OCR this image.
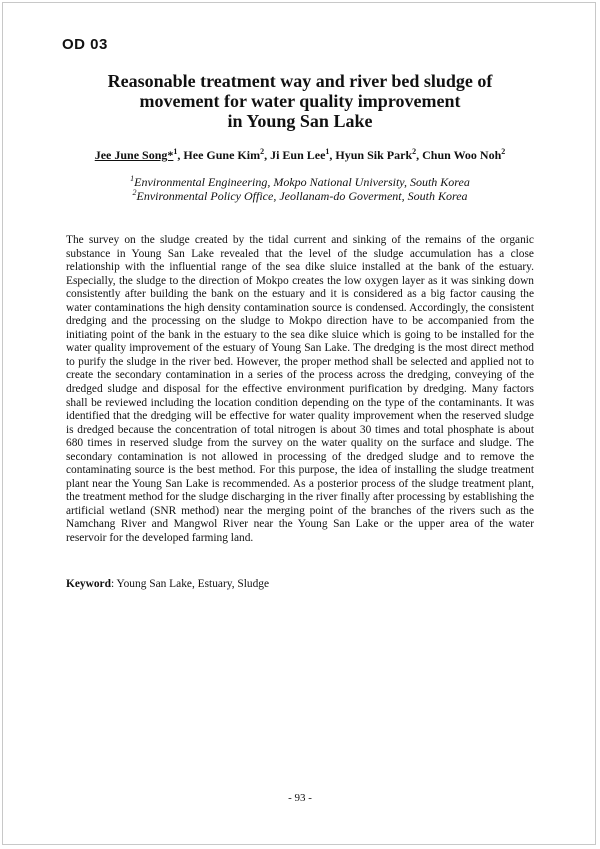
OD 03
Reasonable treatment way and river bed sludge of
movement for water quality improvement
in Young San Lake
Jee June Song*$^1$, Hee Gune Kim$^2$, Ji Eun Lee$^1$, Hyun Sik Park$^2$, Chun Woo Noh$^2$
$^1$Environmental Engineering, Mokpo National University, South Korea
$^2$Environmental Policy Office, Jeollanam-do Goverment, South Korea
The survey on the sludge created by the tidal current and sinking of the remains of the organic substance in Young San Lake revealed that the level of the sludge accumulation has a close relationship with the influential range of the sea dike sluice installed at the bank of the estuary. Especially, the sludge to the direction of Mokpo creates the low oxygen layer as it was sinking down consistently after building the bank on the estuary and it is considered as a big factor causing the water contaminations the high density contamination source is condensed. Accordingly, the consistent dredging and the processing on the sludge to Mokpo direction have to be accompanied from the initiating point of the bank in the estuary to the sea dike sluice which is going to be installed for the water quality improvement of the estuary of Young San Lake. The dredging is the most direct method to purify the sludge in the river bed. However, the proper method shall be selected and applied not to create the secondary contamination in a series of the process across the dredging, conveying of the dredged sludge and disposal for the effective environment purification by dredging. Many factors shall be reviewed including the location condition depending on the type of the contaminants. It was identified that the dredging will be effective for water quality improvement when the reserved sludge is dredged because the concentration of total nitrogen is about 30 times and total phosphate is about 680 times in reserved sludge from the survey on the water quality on the surface and sludge. The secondary contamination is not allowed in processing of the dredged sludge and to remove the contaminating source is the best method. For this purpose, the idea of installing the sludge treatment plant near the Young San Lake is recommended. As a posterior process of the sludge treatment plant, the treatment method for the sludge discharging in the river finally after processing by establishing the artificial wetland (SNR method) near the merging point of the branches of the rivers such as the Namchang River and Mangwol River near the Young San Lake or the upper area of the water reservoir for the developed farming land.
Keyword: Young San Lake, Estuary, Sludge
- 93 -
